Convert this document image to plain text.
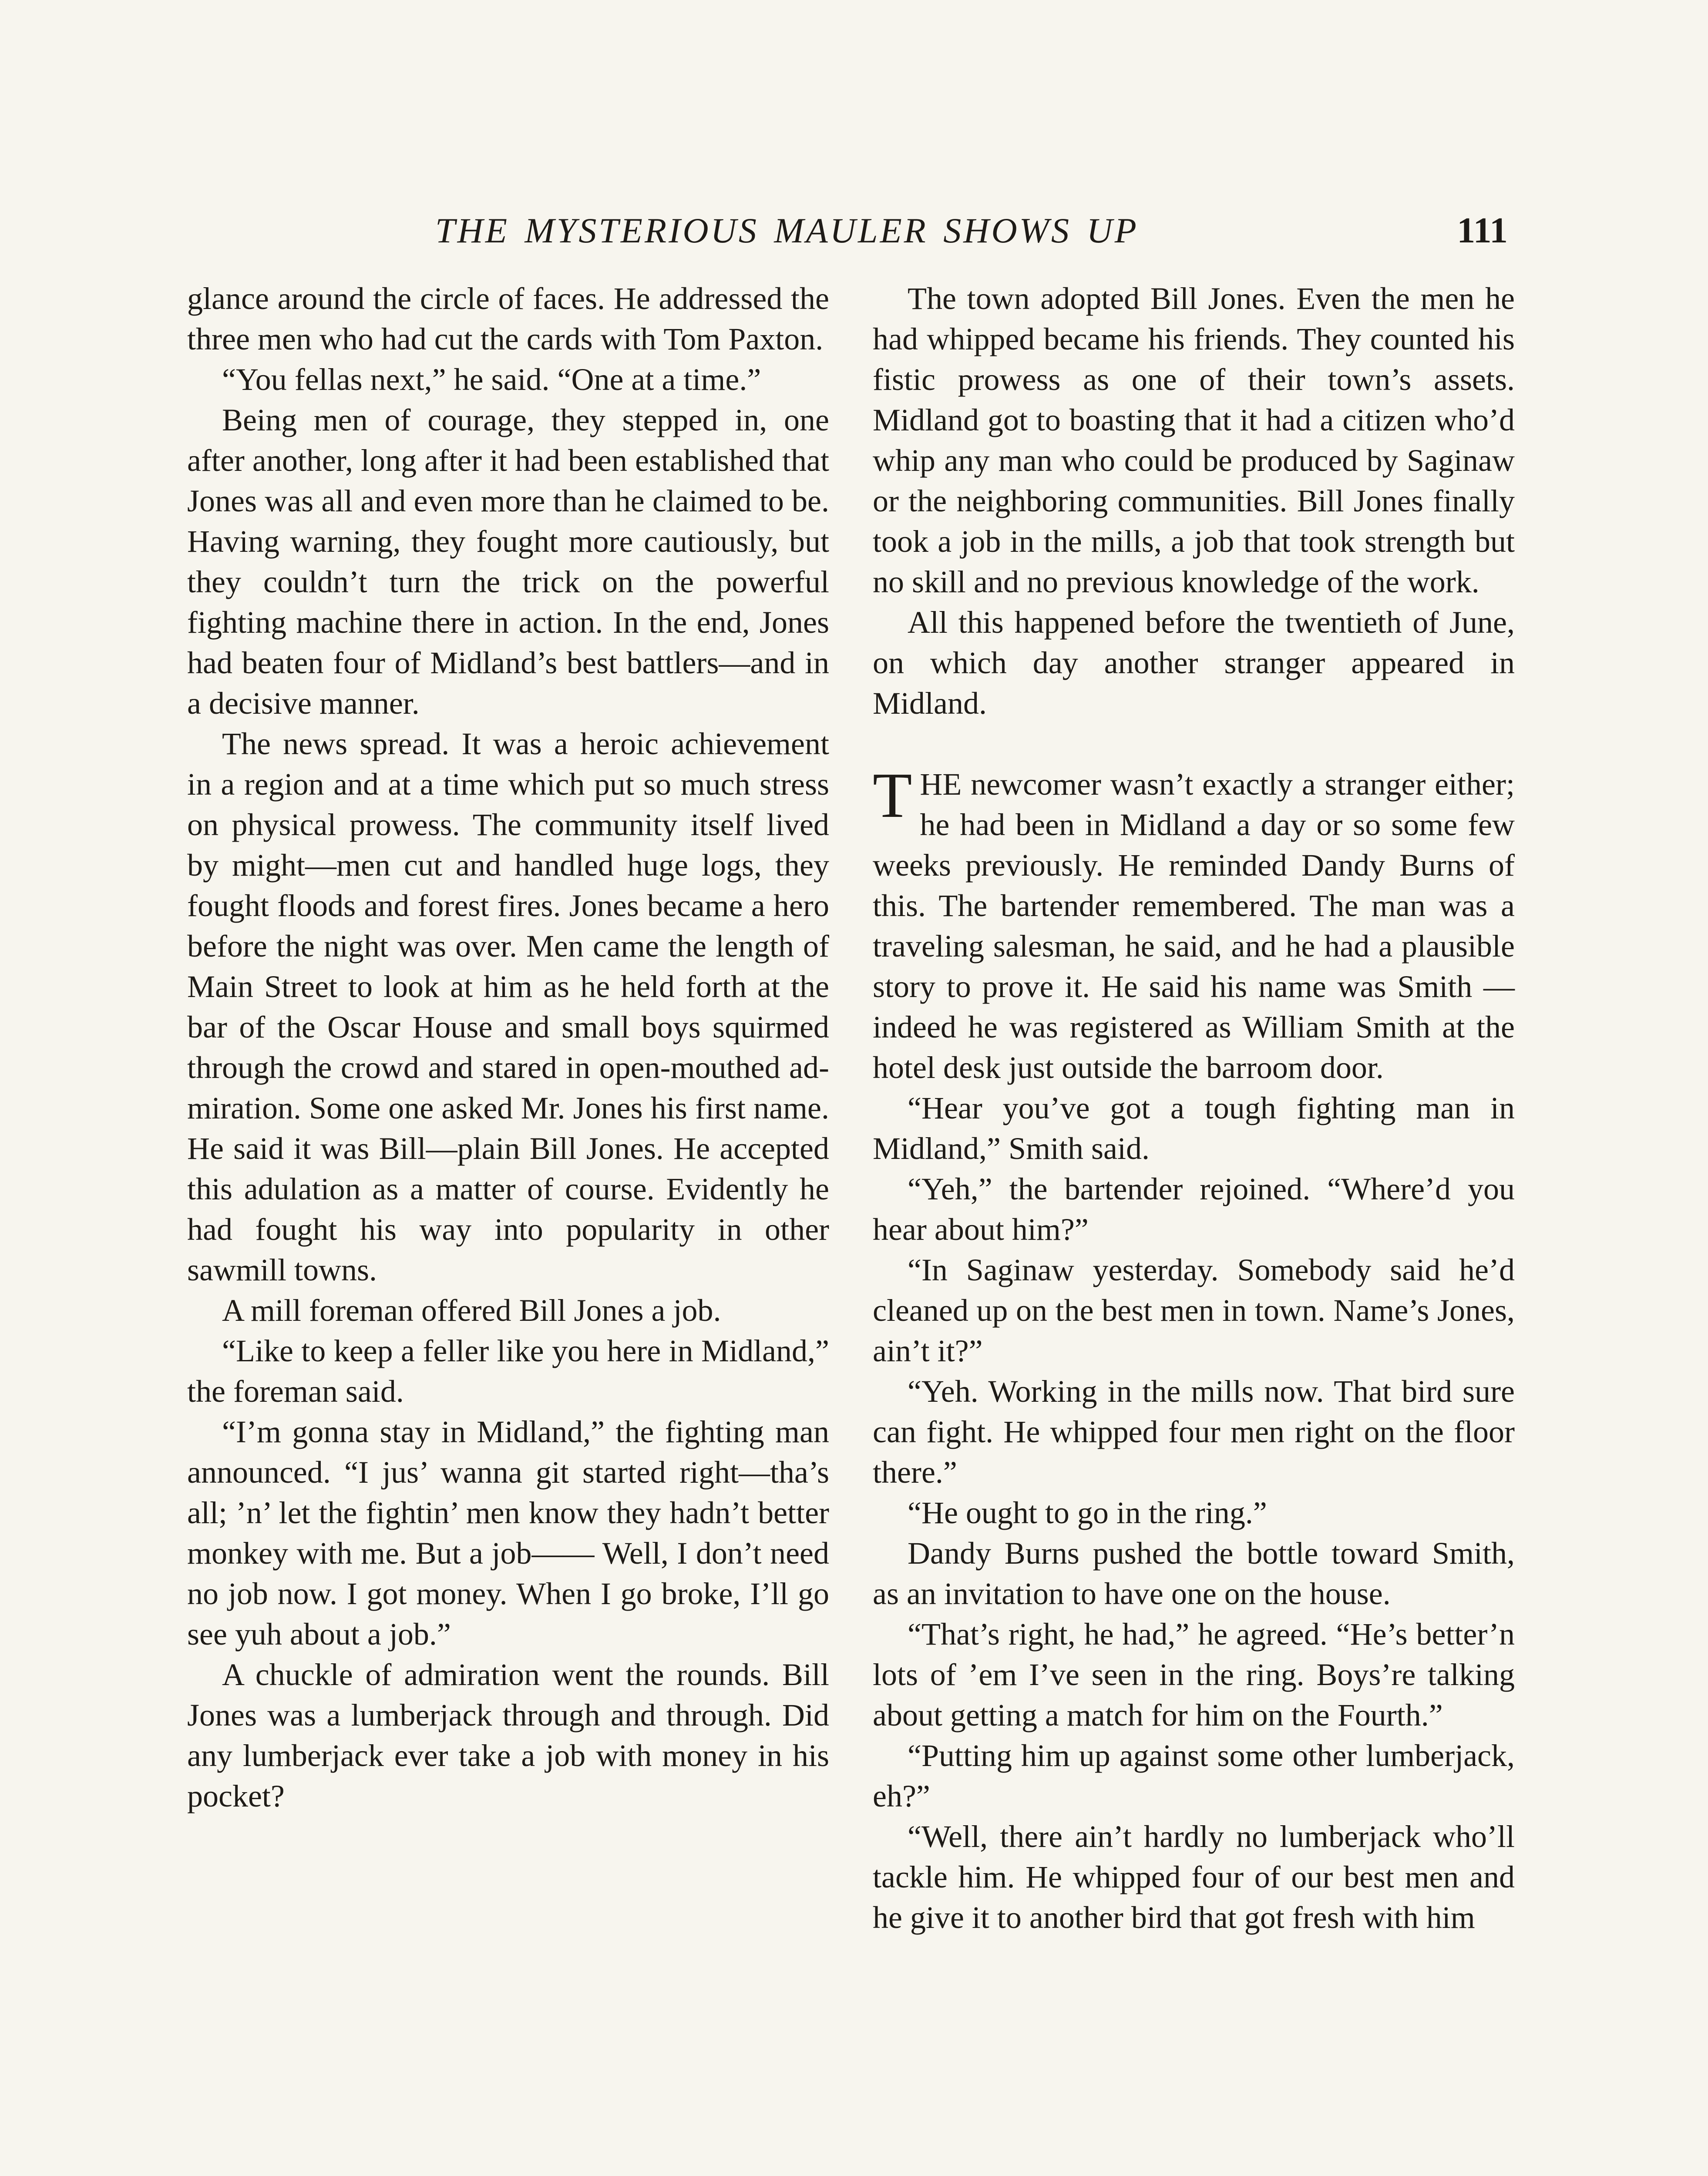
THE MYSTERIOUS MAULER SHOWS UP	111

glance around the circle of faces. He addressed the three men who had cut the cards with Tom Paxton.

“You fellas next,” he said. “One at a time.”

Being men of courage, they stepped in, one after another, long after it had been established that Jones was all and even more than he claimed to be. Having warning, they fought more cautiously, but they couldn’t turn the trick on the powerful fighting machine there in action. In the end, Jones had beaten four of Midland’s best battlers—and in a decisive manner.

The news spread. It was a heroic achievement in a region and at a time which put so much stress on physical prowess. The community itself lived by might—men cut and handled huge logs, they fought floods and forest fires. Jones became a hero before the night was over. Men came the length of Main Street to look at him as he held forth at the bar of the Oscar House and small boys squirmed through the crowd and stared in open-mouthed admiration. Some one asked Mr. Jones his first name. He said it was Bill—plain Bill Jones. He accepted this adulation as a matter of course. Evidently he had fought his way into popularity in other sawmill towns.

A mill foreman offered Bill Jones a job.

“Like to keep a feller like you here in Midland,” the foreman said.

“I’m gonna stay in Midland,” the fighting man announced. “I jus’ wanna git started right—tha’s all; ’n’ let the fightin’ men know they hadn’t better monkey with me. But a job—— Well, I don’t need no job now. I got money. When I go broke, I’ll go see yuh about a job.”

A chuckle of admiration went the rounds. Bill Jones was a lumberjack through and through. Did any lumberjack ever take a job with money in his pocket?

The town adopted Bill Jones. Even the men he had whipped became his friends. They counted his fistic prowess as one of their town’s assets. Midland got to boasting that it had a citizen who’d whip any man who could be produced by Saginaw or the neighboring communities. Bill Jones finally took a job in the mills, a job that took strength but no skill and no previous knowledge of the work.

All this happened before the twentieth of June, on which day another stranger appeared in Midland.

THE newcomer wasn’t exactly a stranger either; he had been in Midland a day or so some few weeks previously. He reminded Dandy Burns of this. The bartender remembered. The man was a traveling salesman, he said, and he had a plausible story to prove it. He said his name was Smith —indeed he was registered as William Smith at the hotel desk just outside the barroom door.

“Hear you’ve got a tough fighting man in Midland,” Smith said.

“Yeh,” the bartender rejoined. “Where’d you hear about him?”

“In Saginaw yesterday. Somebody said he’d cleaned up on the best men in town. Name’s Jones, ain’t it?”

“Yeh. Working in the mills now. That bird sure can fight. He whipped four men right on the floor there.”

“He ought to go in the ring.”

Dandy Burns pushed the bottle toward Smith, as an invitation to have one on the house.

“That’s right, he had,” he agreed. “He’s better’n lots of ’em I’ve seen in the ring. Boys’re talking about getting a match for him on the Fourth.”

“Putting him up against some other lumberjack, eh?”

“Well, there ain’t hardly no lumberjack who’ll tackle him. He whipped four of our best men and he give it to another bird that got fresh with him
